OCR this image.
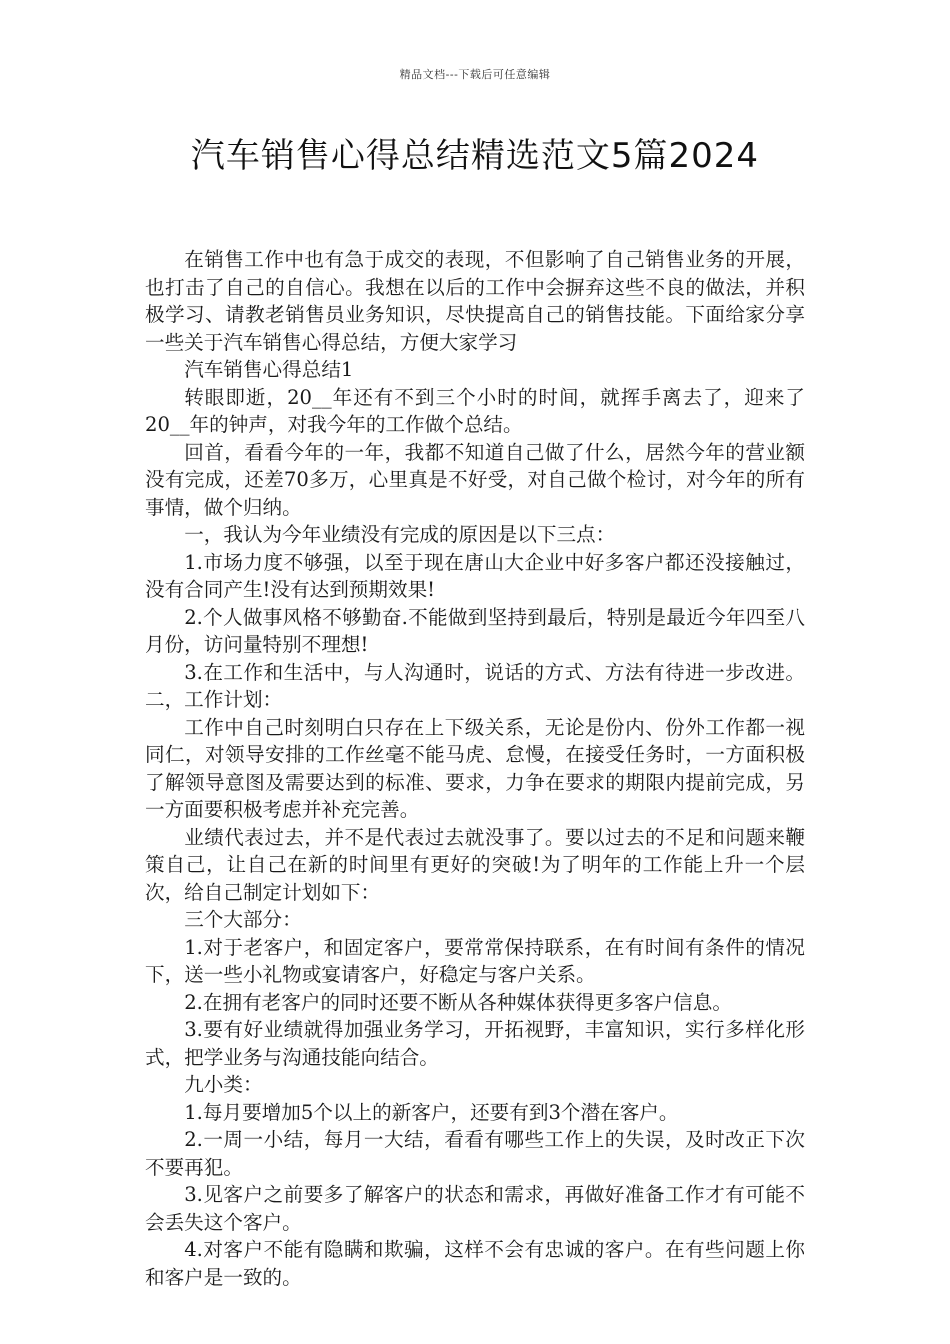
精品文档---下载后可任意编辑
汽车销售心得总结精选范文5篇2024

在销售工作中也有急于成交的表现，不但影响了自己销售业务的开展，也打击了自己的自信心。我想在以后的工作中会摒弃这些不良的做法，并积极学习、请教老销售员业务知识，尽快提高自己的销售技能。下面给家分享一些关于汽车销售心得总结，方便大家学习

汽车销售心得总结1

转眼即逝，20__年还有不到三个小时的时间，就挥手离去了，迎来了20__年的钟声，对我今年的工作做个总结。

回首，看看今年的一年，我都不知道自己做了什么，居然今年的营业额没有完成，还差70多万，心里真是不好受，对自己做个检讨，对今年的所有事情，做个归纳。

一，我认为今年业绩没有完成的原因是以下三点：

1.市场力度不够强，以至于现在唐山大企业中好多客户都还没接触过，没有合同产生!没有达到预期效果!

2.个人做事风格不够勤奋.不能做到坚持到最后，特别是最近今年四至八月份，访问量特别不理想!

3.在工作和生活中，与人沟通时，说话的方式、方法有待进一步改进。二，工作计划：

工作中自己时刻明白只存在上下级关系，无论是份内、份外工作都一视同仁，对领导安排的工作丝毫不能马虎、怠慢，在接受任务时，一方面积极了解领导意图及需要达到的标准、要求，力争在要求的期限内提前完成，另一方面要积极考虑并补充完善。

业绩代表过去，并不是代表过去就没事了。要以过去的不足和问题来鞭策自己，让自己在新的时间里有更好的突破!为了明年的工作能上升一个层次，给自己制定计划如下：

三个大部分：

1.对于老客户，和固定客户，要常常保持联系，在有时间有条件的情况下，送一些小礼物或宴请客户，好稳定与客户关系。

2.在拥有老客户的同时还要不断从各种媒体获得更多客户信息。

3.要有好业绩就得加强业务学习，开拓视野，丰富知识，实行多样化形式，把学业务与沟通技能向结合。

九小类：

1.每月要增加5个以上的新客户，还要有到3个潜在客户。

2.一周一小结，每月一大结，看看有哪些工作上的失误，及时改正下次不要再犯。

3.见客户之前要多了解客户的状态和需求，再做好准备工作才有可能不会丢失这个客户。

4.对客户不能有隐瞒和欺骗，这样不会有忠诚的客户。在有些问题上你和客户是一致的。
